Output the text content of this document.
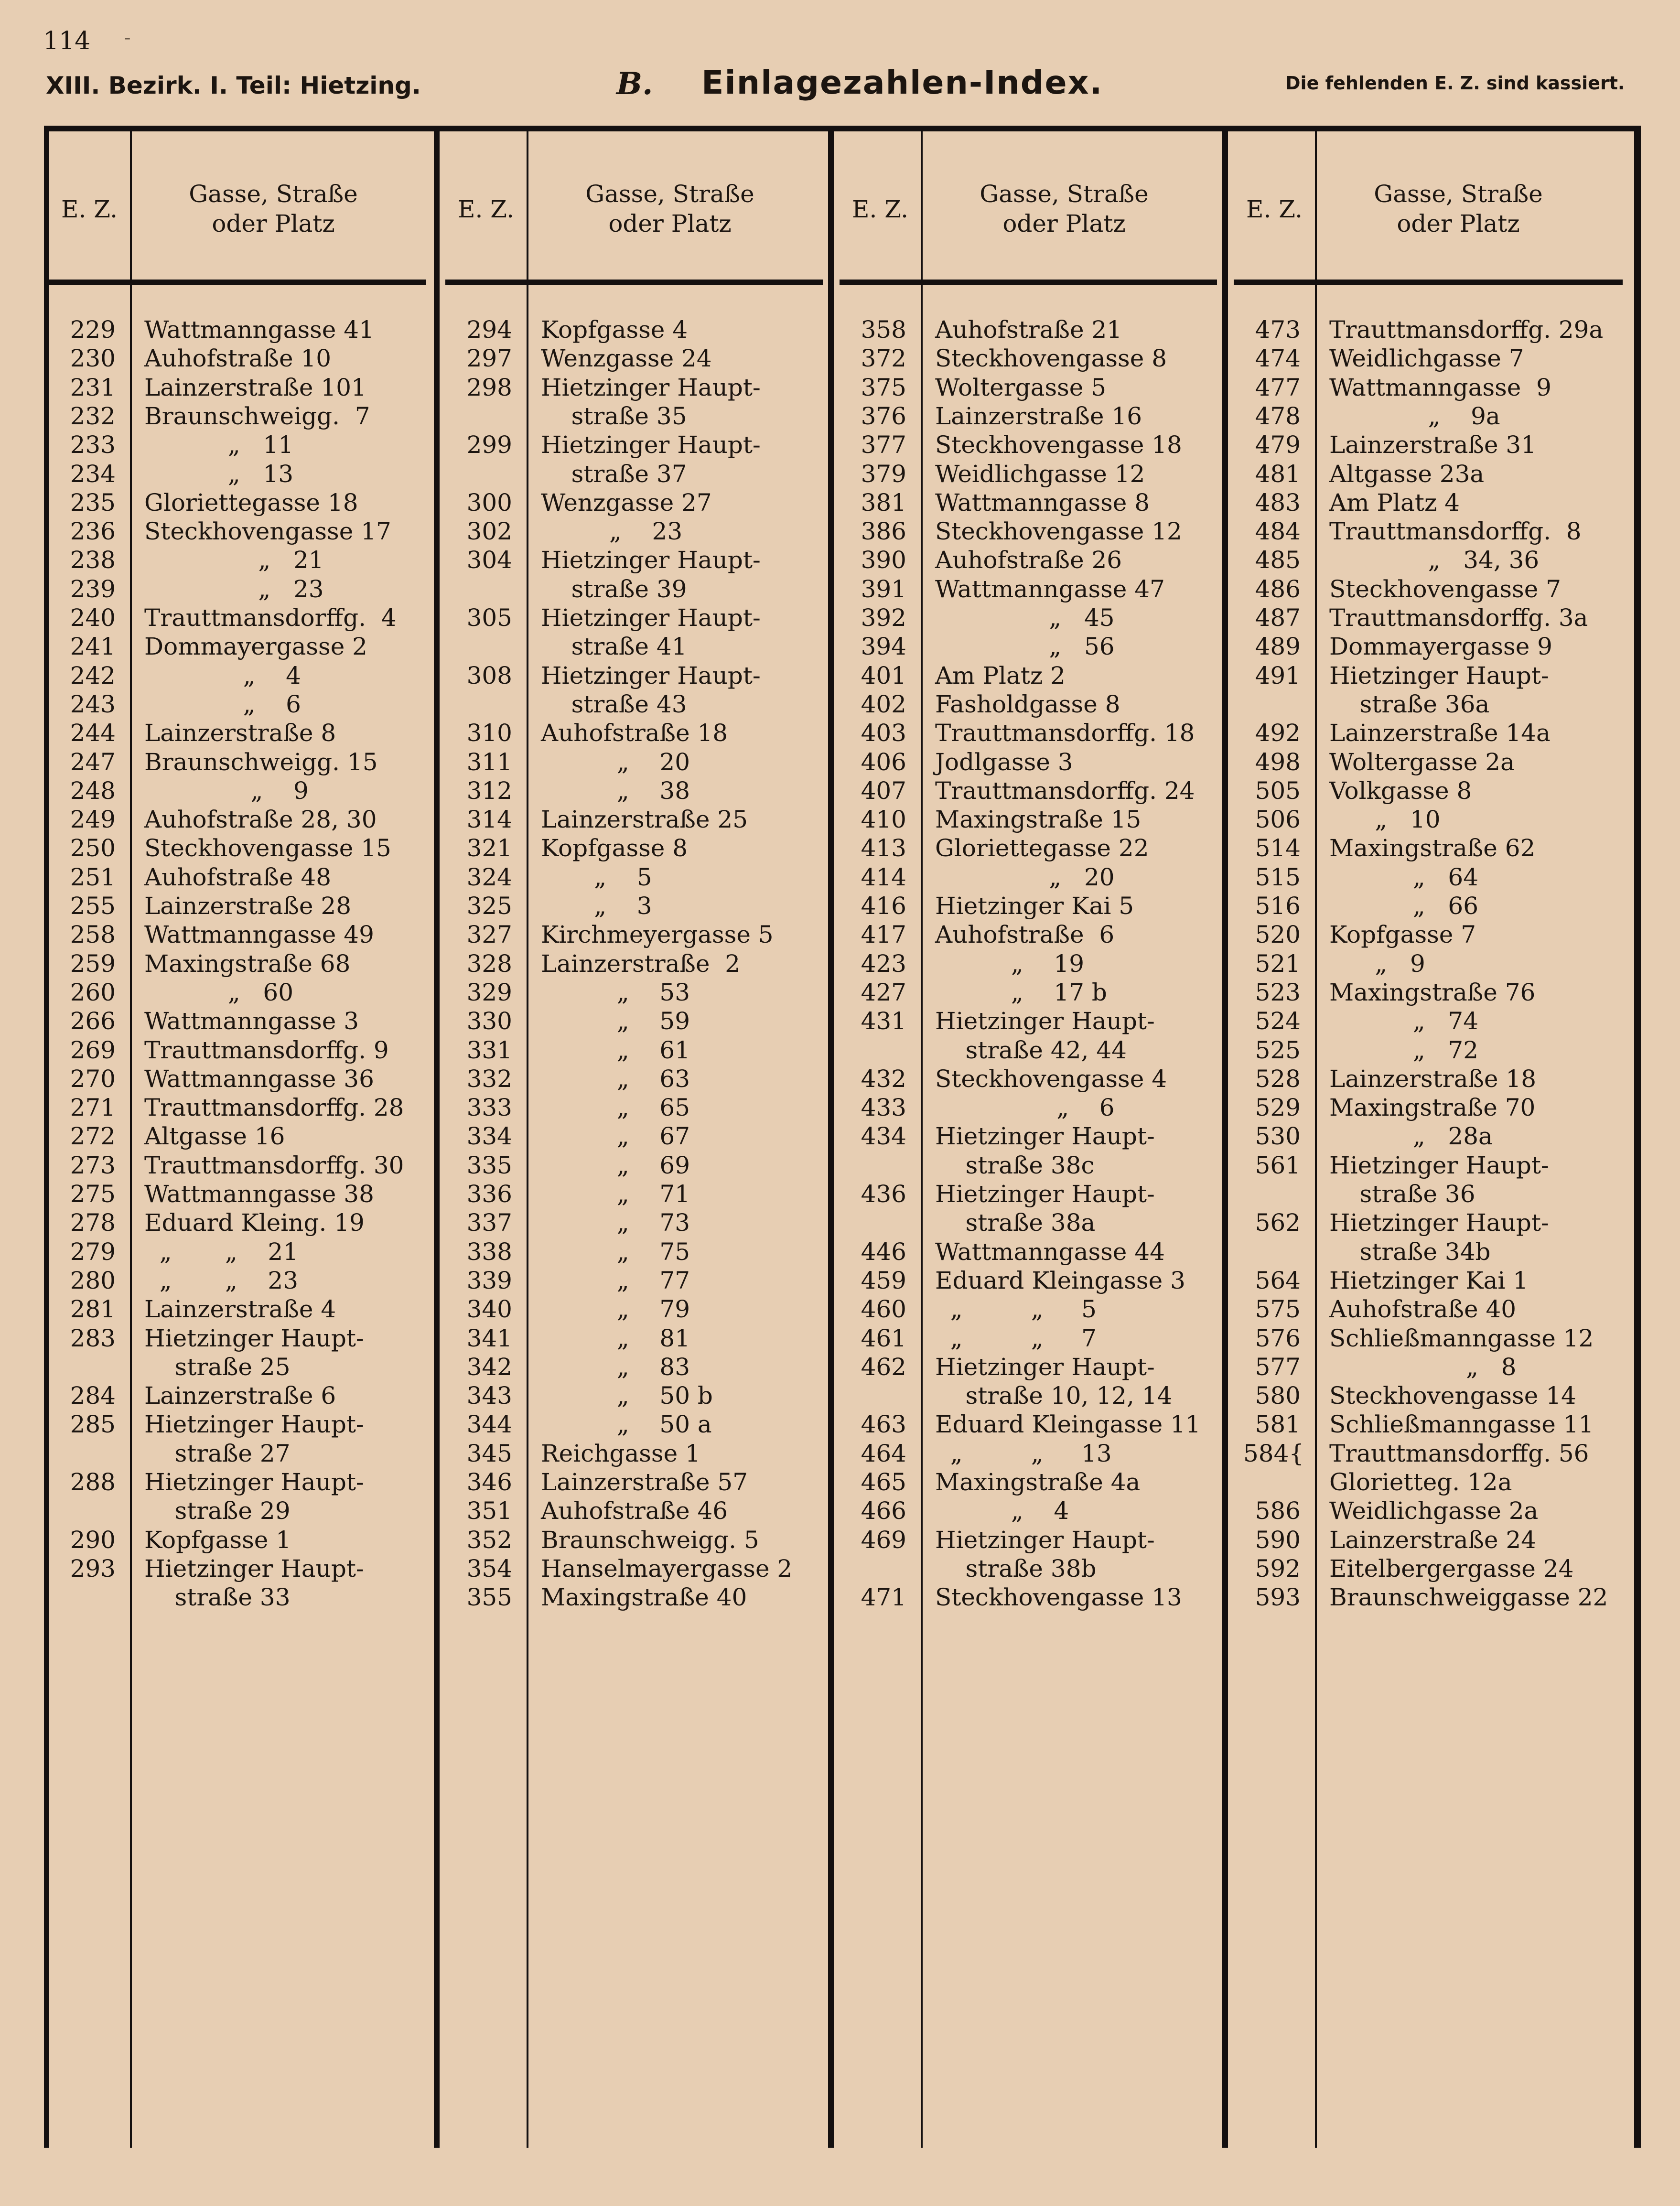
114 -
XIII. Bezirk. I. Teil: Hietzing.	B. Einlagezahlen-Index.	Die fehlenden E. Z. sind kassiert.
E. Z.
Gasse, Straße
oder Platz
229 Wattmanngasse 41
230 Auhofstraße 10
231 Lainzerstraße 101
232 Braunschweigg.  7
233 „   11
234 „   13
235 Gloriettegasse 18
236 Steckhovengasse 17
238 „   21
239 „   23
240 Trauttmansdorffg.  4
241 Dommayergasse 2
242 „    4
243 „    6
244 Lainzerstraße 8
247 Braunschweigg. 15
248 „    9
249 Auhofstraße 28, 30
250 Steckhovengasse 15
251 Auhofstraße 48
255 Lainzerstraße 28
258 Wattmanngasse 49
259 Maxingstraße 68
260 „   60
266 Wattmanngasse 3
269 Trauttmansdorffg. 9
270 Wattmanngasse 36
271 Trauttmansdorffg. 28
272 Altgasse 16
273 Trauttmansdorffg. 30
275 Wattmanngasse 38
278 Eduard Kleing. 19
279 „       „    21
280 „       „    23
281 Lainzerstraße 4
283 Hietzinger Haupt-
straße 25
284 Lainzerstraße 6
285 Hietzinger Haupt-
straße 27
288 Hietzinger Haupt-
straße 29
290 Kopfgasse 1
293 Hietzinger Haupt-
straße 33
E. Z.
Gasse, Straße
oder Platz
294 Kopfgasse 4
297 Wenzgasse 24
298 Hietzinger Haupt-
straße 35
299 Hietzinger Haupt-
straße 37
300 Wenzgasse 27
302 „    23
304 Hietzinger Haupt-
straße 39
305 Hietzinger Haupt-
straße 41
308 Hietzinger Haupt-
straße 43
310 Auhofstraße 18
311 „    20
312 „    38
314 Lainzerstraße 25
321 Kopfgasse 8
324 „    5
325 „    3
327 Kirchmeyergasse 5
328 Lainzerstraße  2
329 „    53
330 „    59
331 „    61
332 „    63
333 „    65
334 „    67
335 „    69
336 „    71
337 „    73
338 „    75
339 „    77
340 „    79
341 „    81
342 „    83
343 „    50 b
344 „    50 a
345 Reichgasse 1
346 Lainzerstraße 57
351 Auhofstraße 46
352 Braunschweigg. 5
354 Hanselmayergasse 2
355 Maxingstraße 40
E. Z.
Gasse, Straße
oder Platz
358 Auhofstraße 21
372 Steckhovengasse 8
375 Woltergasse 5
376 Lainzerstraße 16
377 Steckhovengasse 18
379 Weidlichgasse 12
381 Wattmanngasse 8
386 Steckhovengasse 12
390 Auhofstraße 26
391 Wattmanngasse 47
392 „   45
394 „   56
401 Am Platz 2
402 Fasholdgasse 8
403 Trauttmansdorffg. 18
406 Jodlgasse 3
407 Trauttmansdorffg. 24
410 Maxingstraße 15
413 Gloriettegasse 22
414 „   20
416 Hietzinger Kai 5
417 Auhofstraße  6
423 „    19
427 „    17 b
431 Hietzinger Haupt-
straße 42, 44
432 Steckhovengasse 4
433 „    6
434 Hietzinger Haupt-
straße 38c
436 Hietzinger Haupt-
straße 38a
446 Wattmanngasse 44
459 Eduard Kleingasse 3
460 „         „     5
461 „         „     7
462 Hietzinger Haupt-
straße 10, 12, 14
463 Eduard Kleingasse 11
464 „         „     13
465 Maxingstraße 4a
466 „    4
469 Hietzinger Haupt-
straße 38b
471 Steckhovengasse 13
E. Z.
Gasse, Straße
oder Platz
473 Trauttmansdorffg. 29a
474 Weidlichgasse 7
477 Wattmanngasse  9
478 „    9a
479 Lainzerstraße 31
481 Altgasse 23a
483 Am Platz 4
484 Trauttmansdorffg.  8
485 „   34, 36
486 Steckhovengasse 7
487 Trauttmansdorffg. 3a
489 Dommayergasse 9
491 Hietzinger Haupt-
straße 36a
492 Lainzerstraße 14a
498 Woltergasse 2a
505 Volkgasse 8
506 „   10
514 Maxingstraße 62
515 „   64
516 „   66
520 Kopfgasse 7
521 „   9
523 Maxingstraße 76
524 „   74
525 „   72
528 Lainzerstraße 18
529 Maxingstraße 70
530 „   28a
561 Hietzinger Haupt-
straße 36
562 Hietzinger Haupt-
straße 34b
564 Hietzinger Kai 1
575 Auhofstraße 40
576 Schließmanngasse 12
577 „   8
580 Steckhovengasse 14
581 Schließmanngasse 11
584{ Trauttmansdorffg. 56
Glorietteg. 12a
586 Weidlichgasse 2a
590 Lainzerstraße 24
592 Eitelbergergasse 24
593 Braunschweiggasse 22
